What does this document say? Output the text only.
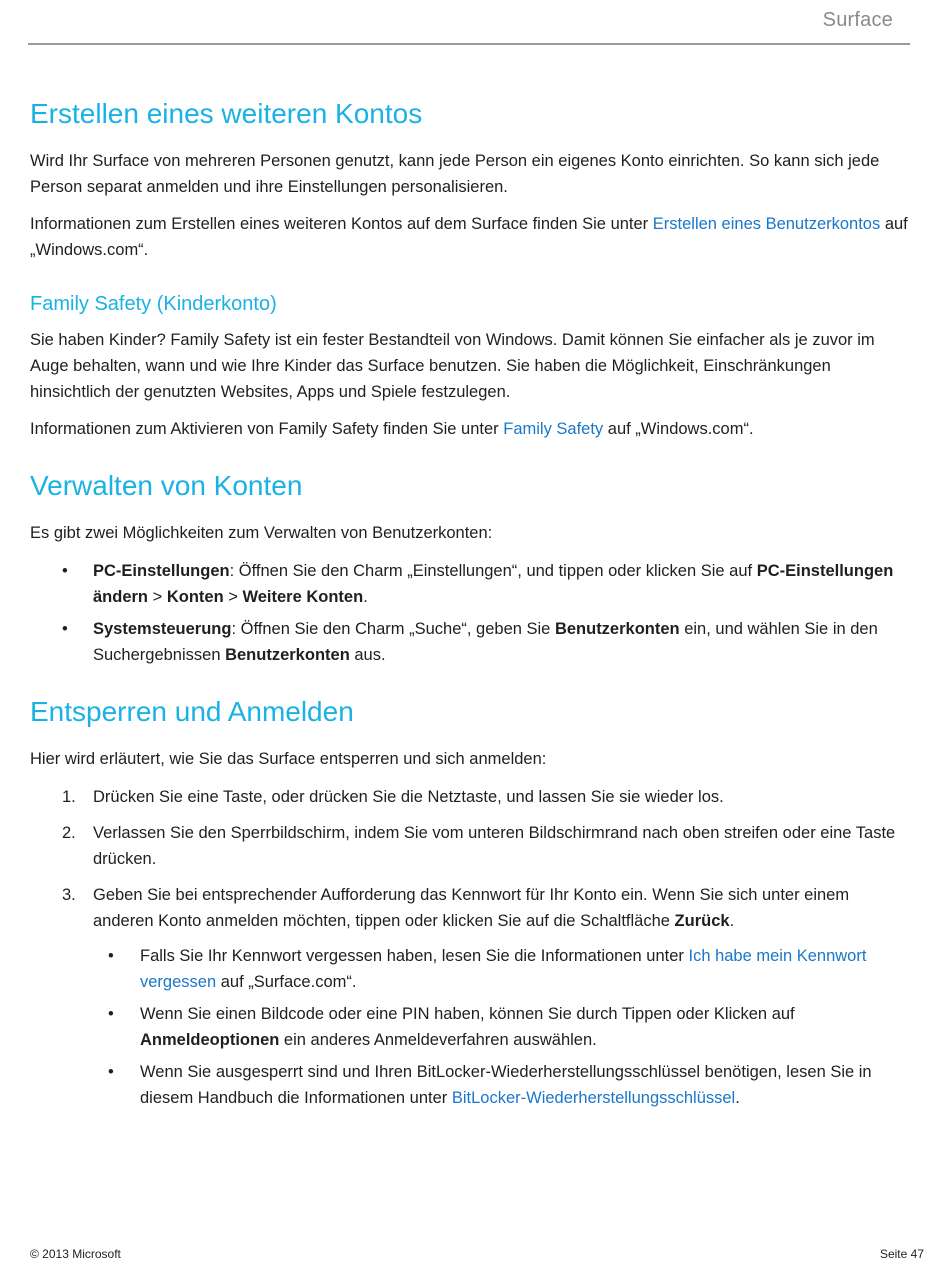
Surface
Erstellen eines weiteren Kontos

Wird Ihr Surface von mehreren Personen genutzt, kann jede Person ein eigenes Konto einrichten. So kann sich jede Person separat anmelden und ihre Einstellungen personalisieren.

Informationen zum Erstellen eines weiteren Kontos auf dem Surface finden Sie unter Erstellen eines Benutzerkontos auf „Windows.com“.

Family Safety (Kinderkonto)

Sie haben Kinder? Family Safety ist ein fester Bestandteil von Windows. Damit können Sie einfacher als je zuvor im Auge behalten, wann und wie Ihre Kinder das Surface benutzen. Sie haben die Möglichkeit, Einschränkungen hinsichtlich der genutzten Websites, Apps und Spiele festzulegen.

Informationen zum Aktivieren von Family Safety finden Sie unter Family Safety auf „Windows.com“.

Verwalten von Konten

Es gibt zwei Möglichkeiten zum Verwalten von Benutzerkonten:

• PC-Einstellungen: Öffnen Sie den Charm „Einstellungen“, und tippen oder klicken Sie auf PC-Einstellungen ändern > Konten > Weitere Konten.
• Systemsteuerung: Öffnen Sie den Charm „Suche“, geben Sie Benutzerkonten ein, und wählen Sie in den Suchergebnissen Benutzerkonten aus.
Entsperren und Anmelden

Hier wird erläutert, wie Sie das Surface entsperren und sich anmelden:

1. Drücken Sie eine Taste, oder drücken Sie die Netztaste, und lassen Sie sie wieder los.
2. Verlassen Sie den Sperrbildschirm, indem Sie vom unteren Bildschirmrand nach oben streifen oder eine Taste drücken.
3. Geben Sie bei entsprechender Aufforderung das Kennwort für Ihr Konto ein. Wenn Sie sich unter einem anderen Konto anmelden möchten, tippen oder klicken Sie auf die Schaltfläche Zurück.
• Falls Sie Ihr Kennwort vergessen haben, lesen Sie die Informationen unter Ich habe mein Kennwort vergessen auf „Surface.com“.
• Wenn Sie einen Bildcode oder eine PIN haben, können Sie durch Tippen oder Klicken auf Anmeldeoptionen ein anderes Anmeldeverfahren auswählen.
• Wenn Sie ausgesperrt sind und Ihren BitLocker-Wiederherstellungsschlüssel benötigen, lesen Sie in diesem Handbuch die Informationen unter BitLocker-Wiederherstellungsschlüssel.
© 2013 Microsoft	Seite 47
